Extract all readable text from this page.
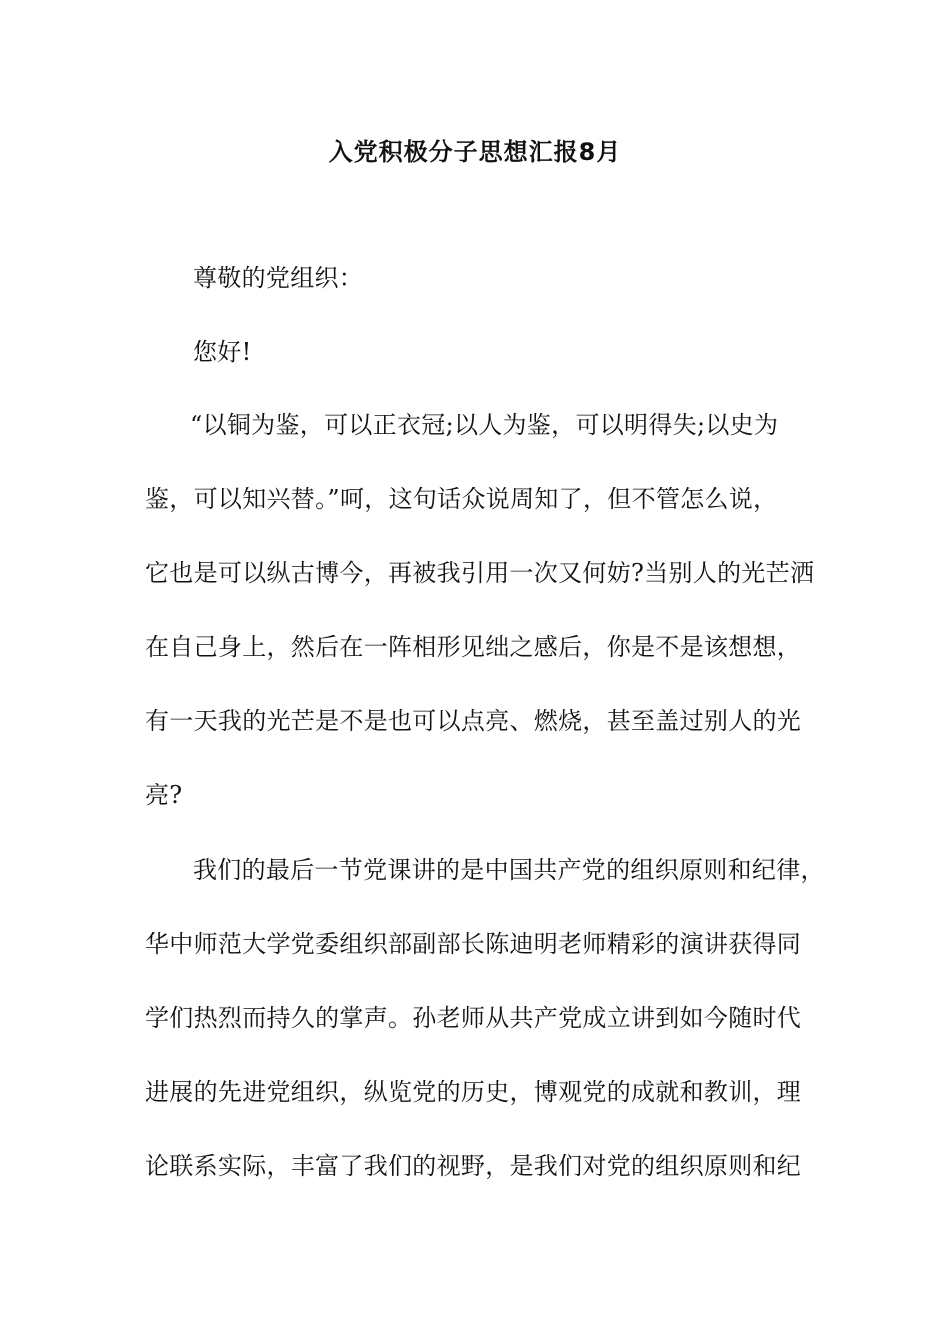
入党积极分子思想汇报8月
尊敬的党组织：
您好!
“以铜为鉴，可以正衣冠;以人为鉴，可以明得失;以史为
鉴，可以知兴替。”呵，这句话众说周知了，但不管怎么说，
它也是可以纵古博今，再被我引用一次又何妨?当别人的光芒洒
在自己身上，然后在一阵相形见绌之感后，你是不是该想想，
有一天我的光芒是不是也可以点亮、燃烧，甚至盖过别人的光
亮?
我们的最后一节党课讲的是中国共产党的组织原则和纪律，
华中师范大学党委组织部副部长陈迪明老师精彩的演讲获得同
学们热烈而持久的掌声。孙老师从共产党成立讲到如今随时代
进展的先进党组织，纵览党的历史，博观党的成就和教训，理
论联系实际，丰富了我们的视野，是我们对党的组织原则和纪
